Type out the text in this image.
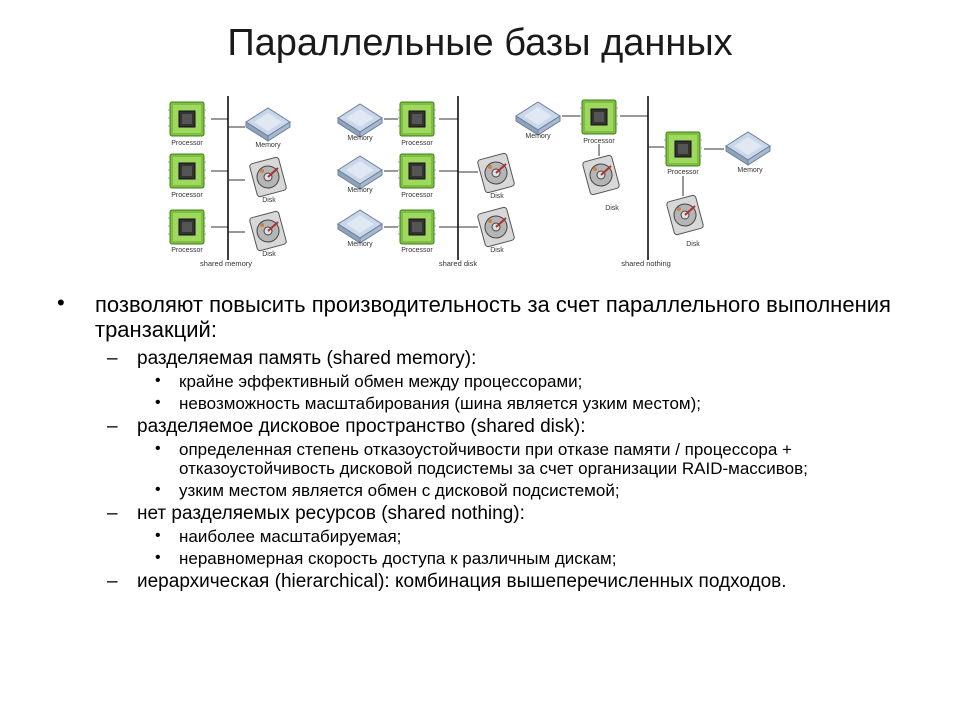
Параллельные базы данных
Processor
Processor
Processor
Memory
Disk
Disk
shared memory
Memory
Memory
Memory
Processor
Processor
Processor
Disk
Disk
shared disk
Memory
Processor
Disk
Processor	Memory
Disk
shared nothing
• позволяют повысить производительность за счет параллельного выполнения транзакций:
– разделяемая память (shared memory):
• крайне эффективный обмен между процессорами;
• невозможность масштабирования (шина является узким местом);
– разделяемое дисковое пространство (shared disk):
• определенная степень отказоустойчивости при отказе памяти / процессора + отказоустойчивость дисковой подсистемы за счет организации RAID-массивов;
• узким местом является обмен с дисковой подсистемой;
– нет разделяемых ресурсов (shared nothing):
• наиболее масштабируемая;
• неравномерная скорость доступа к различным дискам;
– иерархическая (hierarchical): комбинация вышеперечисленных подходов.
